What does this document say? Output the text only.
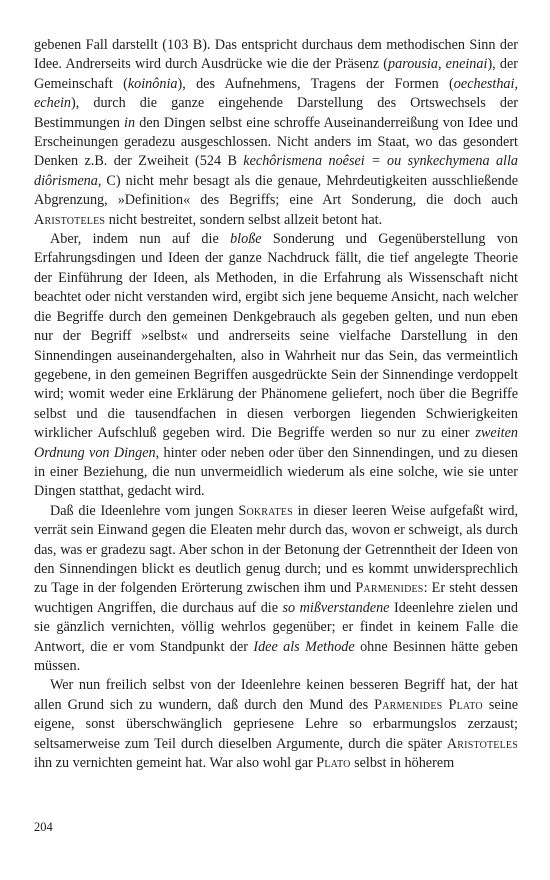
gebenen Fall darstellt (103 B). Das entspricht durchaus dem methodischen Sinn der Idee. Andrerseits wird durch Ausdrücke wie die der Präsenz (parousia, eneinai), der Gemeinschaft (koinônia), des Aufnehmens, Tragens der Formen (oechesthai, echein), durch die ganze eingehende Darstellung des Ortswechsels der Bestimmungen in den Dingen selbst eine schroffe Auseinanderreißung von Idee und Erscheinungen geradezu ausgeschlossen. Nicht anders im Staat, wo das gesondert Denken z.B. der Zweiheit (524 B kechôrismena noêsei = ou synkechymena alla diôrismena, C) nicht mehr besagt als die genaue, Mehrdeutigkeiten ausschließende Abgrenzung, »Definition« des Begriffs; eine Art Sonderung, die doch auch Aristoteles nicht bestreitet, sondern selbst allzeit betont hat.

Aber, indem nun auf die bloße Sonderung und Gegenüberstellung von Erfahrungsdingen und Ideen der ganze Nachdruck fällt, die tief angelegte Theorie der Einführung der Ideen, als Methoden, in die Erfahrung als Wissenschaft nicht beachtet oder nicht verstanden wird, ergibt sich jene bequeme Ansicht, nach welcher die Begriffe durch den gemeinen Denkgebrauch als gegeben gelten, und nun eben nur der Begriff »selbst« und andrerseits seine vielfache Darstellung in den Sinnendingen auseinandergehalten, also in Wahrheit nur das Sein, das vermeintlich gegebene, in den gemeinen Begriffen ausgedrückte Sein der Sinnendinge verdoppelt wird; womit weder eine Erklärung der Phänomene geliefert, noch über die Begriffe selbst und die tausendfachen in diesen verborgen liegenden Schwierigkeiten wirklicher Aufschluß gegeben wird. Die Begriffe werden so nur zu einer zweiten Ordnung von Dingen, hinter oder neben oder über den Sinnendingen, und zu diesen in einer Beziehung, die nun unvermeidlich wiederum als eine solche, wie sie unter Dingen statthat, gedacht wird.

Daß die Ideenlehre vom jungen Sokrates in dieser leeren Weise aufgefaßt wird, verrät sein Einwand gegen die Eleaten mehr durch das, wovon er schweigt, als durch das, was er gradezu sagt. Aber schon in der Betonung der Getrenntheit der Ideen von den Sinnendingen blickt es deutlich genug durch; und es kommt unwidersprechlich zu Tage in der folgenden Erörterung zwischen ihm und Parmenides: Er steht dessen wuchtigen Angriffen, die durchaus auf die so mißverstandene Ideenlehre zielen und sie gänzlich vernichten, völlig wehrlos gegenüber; er findet in keinem Falle die Antwort, die er vom Standpunkt der Idee als Methode ohne Besinnen hätte geben müssen.

Wer nun freilich selbst von der Ideenlehre keinen besseren Begriff hat, der hat allen Grund sich zu wundern, daß durch den Mund des Parmenides Plato seine eigene, sonst überschwänglich gepriesene Lehre so erbarmungslos zerzaust; seltsamerweise zum Teil durch dieselben Argumente, durch die später Aristoteles ihn zu vernichten gemeint hat. War also wohl gar Plato selbst in höherem

204
